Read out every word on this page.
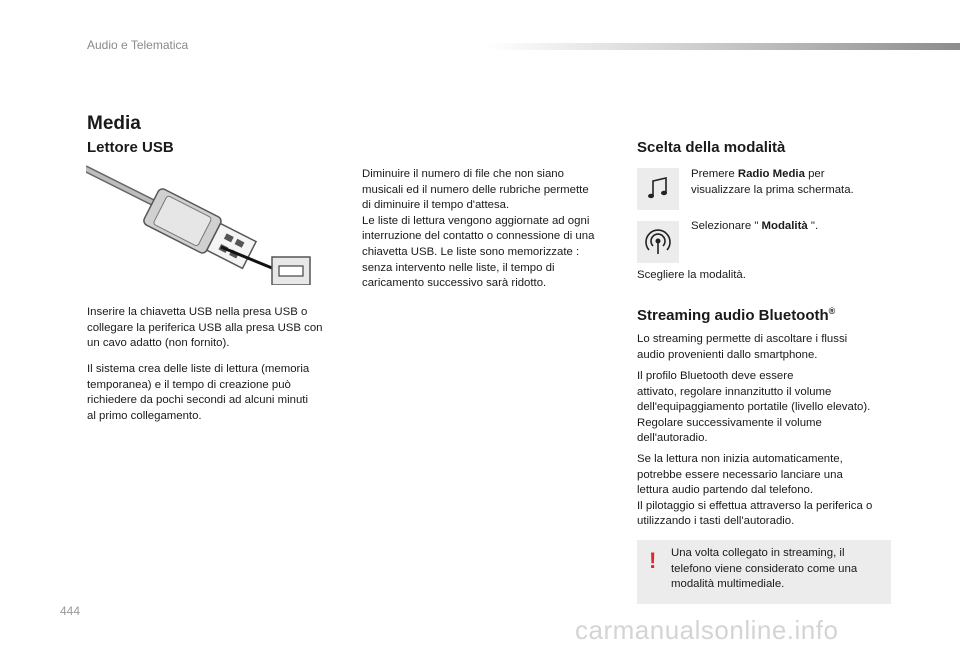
Audio e Telematica
Media
Lettore USB

Inserire la chiavetta USB nella presa USB o
collegare la periferica USB alla presa USB con
un cavo adatto (non fornito).

Il sistema crea delle liste di lettura (memoria
temporanea) e il tempo di creazione può
richiedere da pochi secondi ad alcuni minuti
al primo collegamento.

Diminuire il numero di file che non siano
musicali ed il numero delle rubriche permette
di diminuire il tempo d'attesa.
Le liste di lettura vengono aggiornate ad ogni
interruzione del contatto o connessione di una
chiavetta USB. Le liste sono memorizzate :
senza intervento nelle liste, il tempo di
caricamento successivo sarà ridotto.

Scelta della modalità

Premere Radio Media per
visualizzare la prima schermata.

Selezionare " Modalità ".

Scegliere la modalità.

Streaming audio Bluetooth®

Lo streaming permette di ascoltare i flussi
audio provenienti dallo smartphone.

Il profilo Bluetooth deve essere
attivato, regolare innanzitutto il volume
dell'equipaggiamento portatile (livello elevato).
Regolare successivamente il volume
dell'autoradio.

Se la lettura non inizia automaticamente,
potrebbe essere necessario lanciare una
lettura audio partendo dal telefono.
Il pilotaggio si effettua attraverso la periferica o
utilizzando i tasti dell'autoradio.

! Una volta collegato in streaming, il
telefono viene considerato come una
modalità multimediale.

444
carmanualsonline.info
